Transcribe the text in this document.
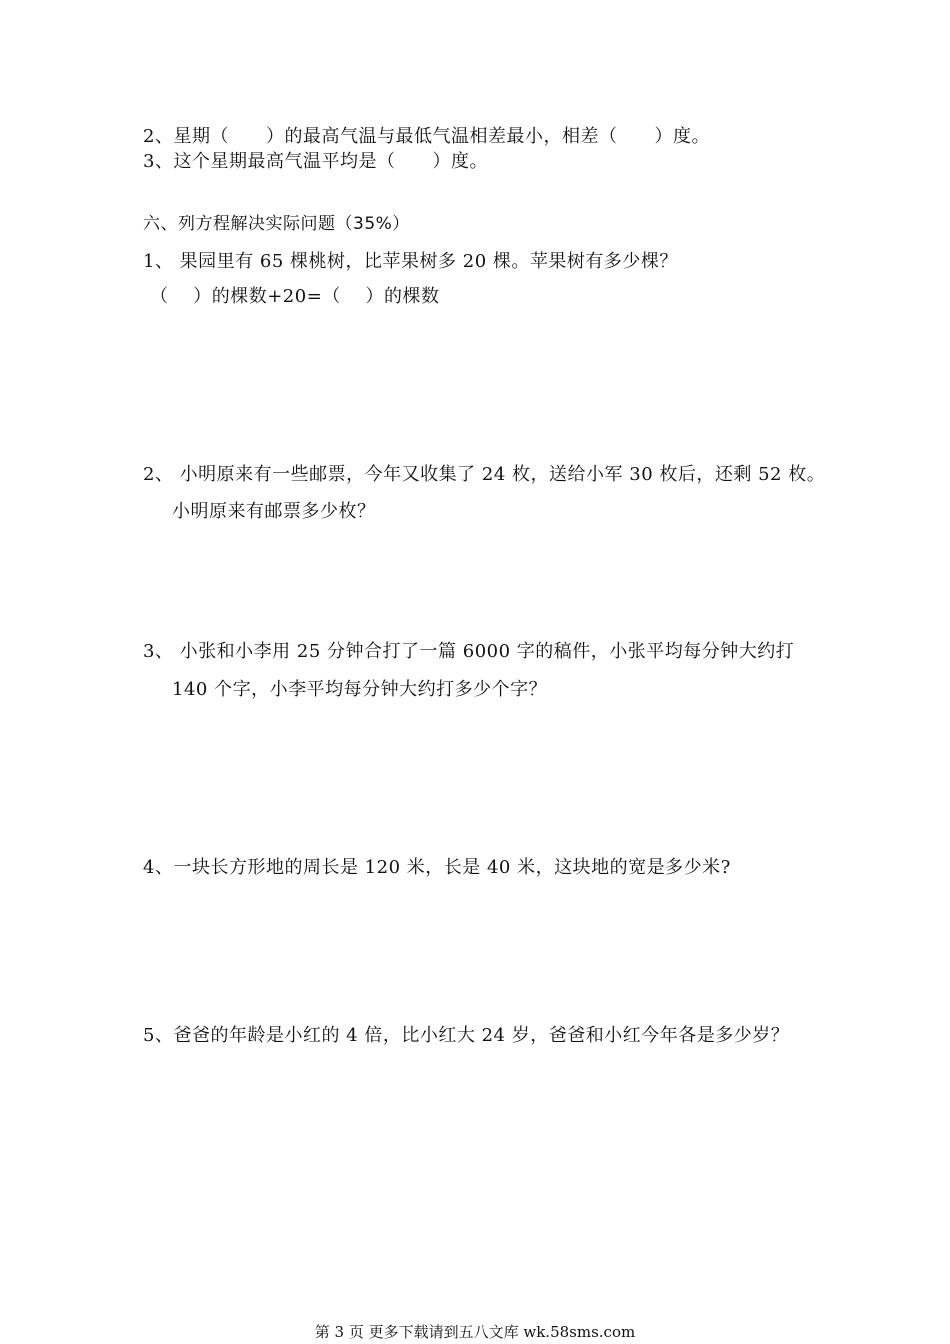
2、星期（　　）的最高气温与最低气温相差最小，相差（　　）度。
3、这个星期最高气温平均是（　　）度。
六、列方程解决实际问题（35%）
1、 果园里有 65 棵桃树，比苹果树多 20 棵。苹果树有多少棵？
（　 ）的棵数+20=（　 ）的棵数
2、 小明原来有一些邮票，今年又收集了 24 枚，送给小军 30 枚后，还剩 52 枚。
小明原来有邮票多少枚？
3、 小张和小李用 25 分钟合打了一篇 6000 字的稿件，小张平均每分钟大约打
140 个字，小李平均每分钟大约打多少个字？
4、一块长方形地的周长是 120 米，长是 40 米，这块地的宽是多少米?
5、爸爸的年龄是小红的 4 倍，比小红大 24 岁，爸爸和小红今年各是多少岁？
第 3 页 更多下载请到五八文库 wk.58sms.com
